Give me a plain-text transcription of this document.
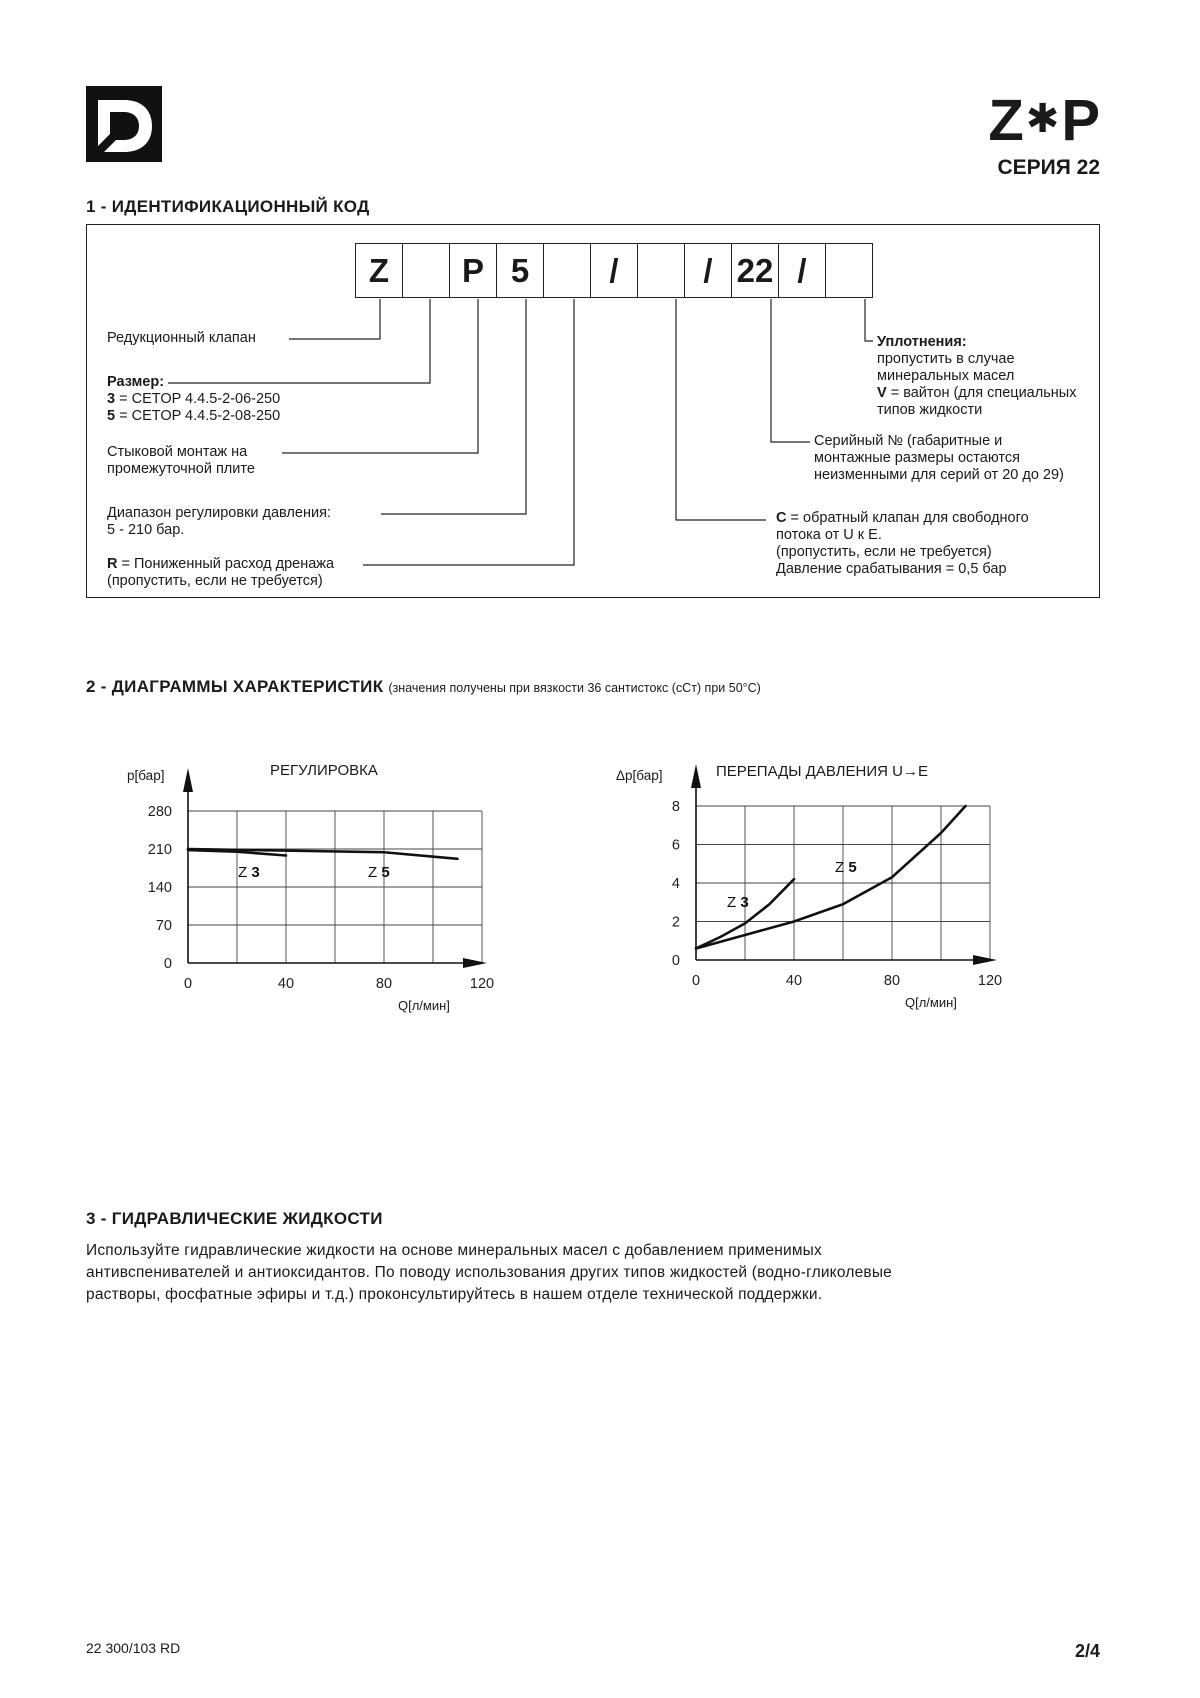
Z✱P
СЕРИЯ 22
1 - ИДЕНТИФИКАЦИОННЫЙ КОД
Z	P 5	/	/ 22 /
Редукционный клапан
Размер:
3 = CETOP 4.4.5-2-06-250
5 = CETOP 4.4.5-2-08-250
Стыковой монтаж на
промежуточной плите
Диапазон регулировки давления:
5 - 210 бар.
R = Пониженный расход дренажа
(пропустить, если не требуется)
Уплотнения:
пропустить в случае
минеральных масел
V = вайтон (для специальных
типов жидкости
Серийный № (габаритные и
монтажные размеры остаются
неизменными для серий от 20 до 29)
C = обратный клапан для свободного
потока от U к E.
(пропустить, если не требуется)
Давление срабатывания = 0,5 бар
2 - ДИАГРАММЫ ХАРАКТЕРИСТИК (значения получены при вязкости 36 сантистокс (сСт) при 50°С)
p[бар]	РЕГУЛИРОВКА
Q[л/мин]
0	40	80	120
0
70
140
210
280
Z 3	Z 5
Δp[бар]	ПЕРЕПАДЫ ДАВЛЕНИЯ U→E
Q[л/мин]
0	40	80	120
0
2
4
6
8
Z 3
Z 5
3 - ГИДРАВЛИЧЕСКИЕ ЖИДКОСТИ
Используйте гидравлические жидкости на основе минеральных масел с добавлением применимых
антивспенивателей и антиоксидантов. По поводу использования других типов жидкостей (водно-гликолевые
растворы, фосфатные эфиры и т.д.) проконсультируйтесь в нашем отделе технической поддержки.
22 300/103 RD	2/4
